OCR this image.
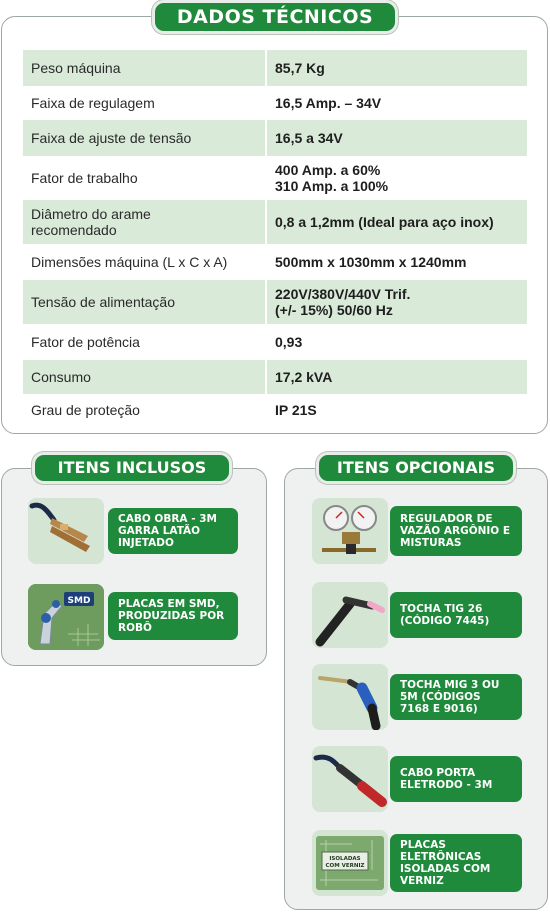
DADOS TÉCNICOS
Peso máquina	85,7 Kg
Faixa de regulagem	16,5 Amp. – 34V
Faixa de ajuste de tensão	16,5 a 34V
Fator de trabalho	400 Amp. a 60%
310 Amp. a 100%
Diâmetro do arame
recomendado	0,8 a 1,2mm (Ideal para aço inox)
Dimensões máquina (L x C x A)	500mm x 1030mm x 1240mm
Tensão de alimentação	220V/380V/440V Trif.
(+/- 15%) 50/60 Hz
Fator de potência	0,93
Consumo	17,2 kVA
Grau de proteção	IP 21S
ITENS INCLUSOS
CABO OBRA - 3M GARRA LATÃO INJETADO
SMD	PLACAS EM SMD, PRODUZIDAS POR ROBÔ
ITENS OPCIONAIS
REGULADOR DE VAZÃO ARGÔNIO E MISTURAS
TOCHA TIG 26 (CÓDIGO 7445)
TOCHA MIG 3 OU 5M (CÓDIGOS 7168 E 9016)
CABO PORTA ELETRODO - 3M
ISOLADAS
COM VERNIZ
PLACAS ELETRÔNICAS ISOLADAS COM VERNIZ
